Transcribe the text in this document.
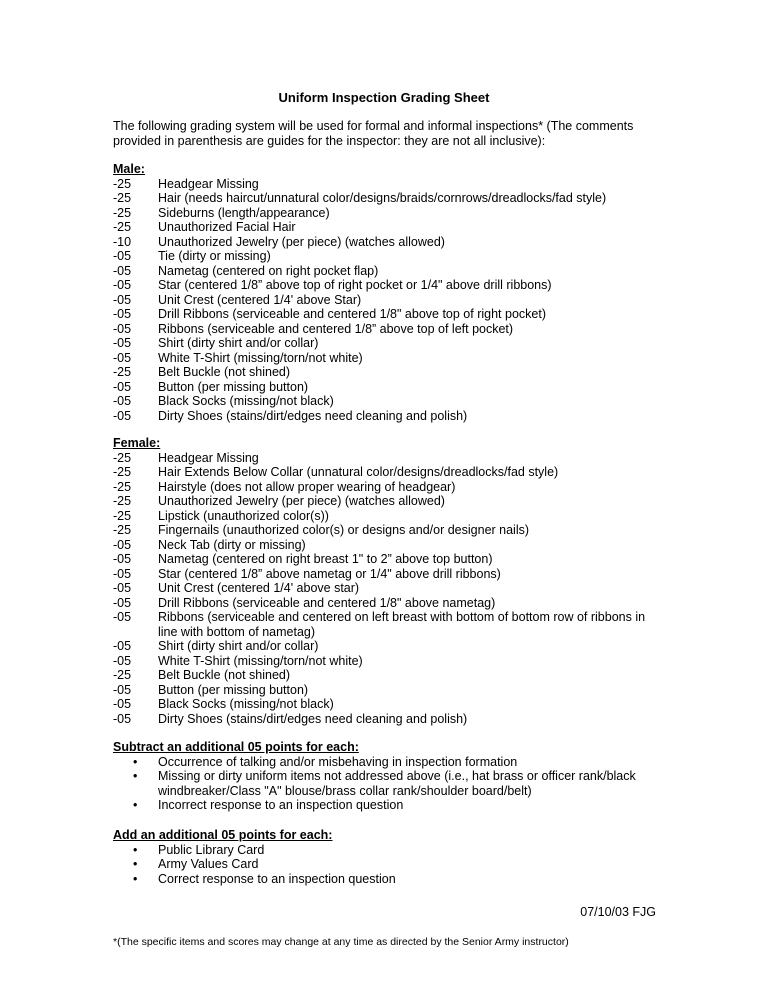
Uniform Inspection Grading Sheet
The following grading system will be used for formal and informal inspections* (The comments provided in parenthesis are guides for the inspector: they are not all inclusive):
Male:
-25	Headgear Missing
-25	Hair (needs haircut/unnatural color/designs/braids/cornrows/dreadlocks/fad style)
-25	Sideburns (length/appearance)
-25	Unauthorized Facial Hair
-10	Unauthorized Jewelry (per piece) (watches allowed)
-05	Tie (dirty or missing)
-05	Nametag (centered on right pocket flap)
-05	Star (centered 1/8” above top of right pocket or 1/4" above drill ribbons)
-05	Unit Crest (centered 1/4' above Star)
-05	Drill Ribbons (serviceable and centered 1/8" above top of right pocket)
-05	Ribbons (serviceable and centered 1/8” above top of left pocket)
-05	Shirt (dirty shirt and/or collar)
-05	White T-Shirt (missing/torn/not white)
-25	Belt Buckle (not shined)
-05	Button (per missing button)
-05	Black Socks (missing/not black)
-05	Dirty Shoes (stains/dirt/edges need cleaning and polish)
Female:
-25	Headgear Missing
-25	Hair Extends Below Collar (unnatural color/designs/dreadlocks/fad style)
-25	Hairstyle (does not allow proper wearing of headgear)
-25	Unauthorized Jewelry (per piece) (watches allowed)
-25	Lipstick (unauthorized color(s))
-25	Fingernails (unauthorized color(s) or designs and/or designer nails)
-05	Neck Tab (dirty or missing)
-05	Nametag (centered on right breast 1" to 2” above top button)
-05	Star (centered 1/8” above nametag or 1/4" above drill ribbons)
-05	Unit Crest (centered 1/4' above star)
-05	Drill Ribbons (serviceable and centered 1/8" above nametag)
-05	Ribbons (serviceable and centered on left breast with bottom of bottom row of ribbons in line with bottom of nametag)
-05	Shirt (dirty shirt and/or collar)
-05	White T-Shirt (missing/torn/not white)
-25	Belt Buckle (not shined)
-05	Button (per missing button)
-05	Black Socks (missing/not black)
-05	Dirty Shoes (stains/dirt/edges need cleaning and polish)
Subtract an additional 05 points for each:
•	Occurrence of talking and/or misbehaving in inspection formation
•	Missing or dirty uniform items not addressed above (i.e., hat brass or officer rank/black windbreaker/Class "A" blouse/brass collar rank/shoulder board/belt)
•	Incorrect response to an inspection question
Add an additional 05 points for each:
•	Public Library Card
•	Army Values Card
•	Correct response to an inspection question
07/10/03 FJG
*(The specific items and scores may change at any time as directed by the Senior Army instructor)
